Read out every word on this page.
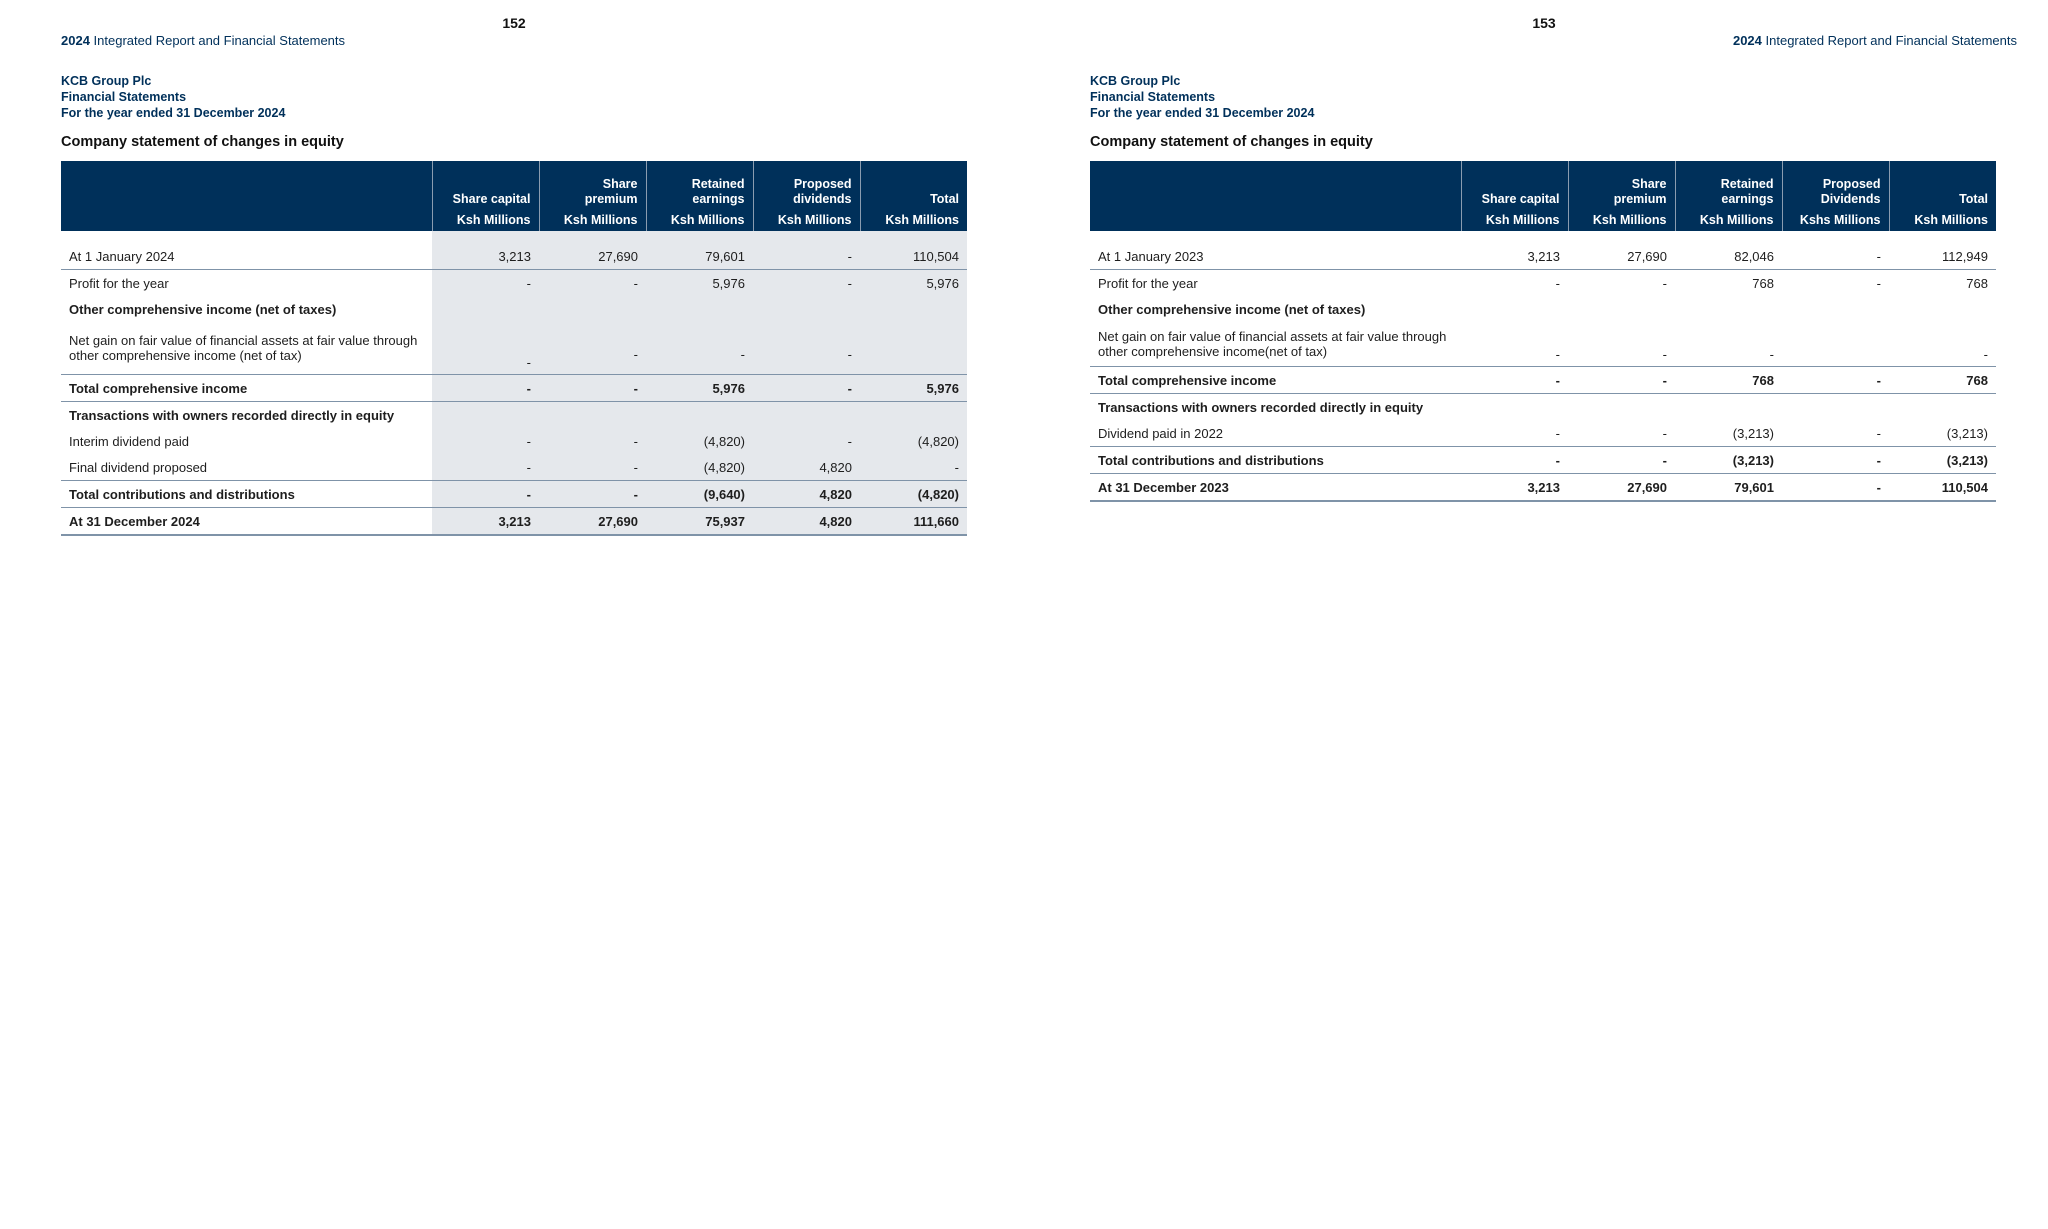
152
2024 Integrated Report and Financial Statements
KCB Group Plc
Financial Statements
For the year ended 31 December 2024
Company statement of changes in equity
	Share capital	Share premium	Retained earnings	Proposed dividends	Total
	Ksh Millions	Ksh Millions	Ksh Millions	Ksh Millions	Ksh Millions

At 1 January 2024	3,213	27,690	79,601	-	110,504
Profit for the year	-	-	5,976	-	5,976
Other comprehensive income (net of taxes)					
Net gain on fair value of financial assets at fair value through other comprehensive income (net of tax)	-	-	-	-	
Total comprehensive income	-	-	5,976	-	5,976
Transactions with owners recorded directly in equity					
Interim dividend paid	-	-	(4,820)	-	(4,820)
Final dividend proposed	-	-	(4,820)	4,820	-
Total contributions and distributions	-	-	(9,640)	4,820	(4,820)
At 31 December 2024	3,213	27,690	75,937	4,820	111,660
153
2024 Integrated Report and Financial Statements
KCB Group Plc
Financial Statements
For the year ended 31 December 2024
Company statement of changes in equity
	Share capital	Share premium	Retained earnings	Proposed Dividends	Total
	Ksh Millions	Ksh Millions	Ksh Millions	Kshs Millions	Ksh Millions

At 1 January 2023	3,213	27,690	82,046	-	112,949
Profit for the year	-	-	768	-	768
Other comprehensive income (net of taxes)					
Net gain on fair value of financial assets at fair value through other comprehensive income(net of tax)	-	-	-		-
Total comprehensive income	-	-	768	-	768
Transactions with owners recorded directly in equity					
Dividend paid in 2022	-	-	(3,213)	-	(3,213)
Total contributions and distributions	-	-	(3,213)	-	(3,213)
At 31 December 2023	3,213	27,690	79,601	-	110,504
